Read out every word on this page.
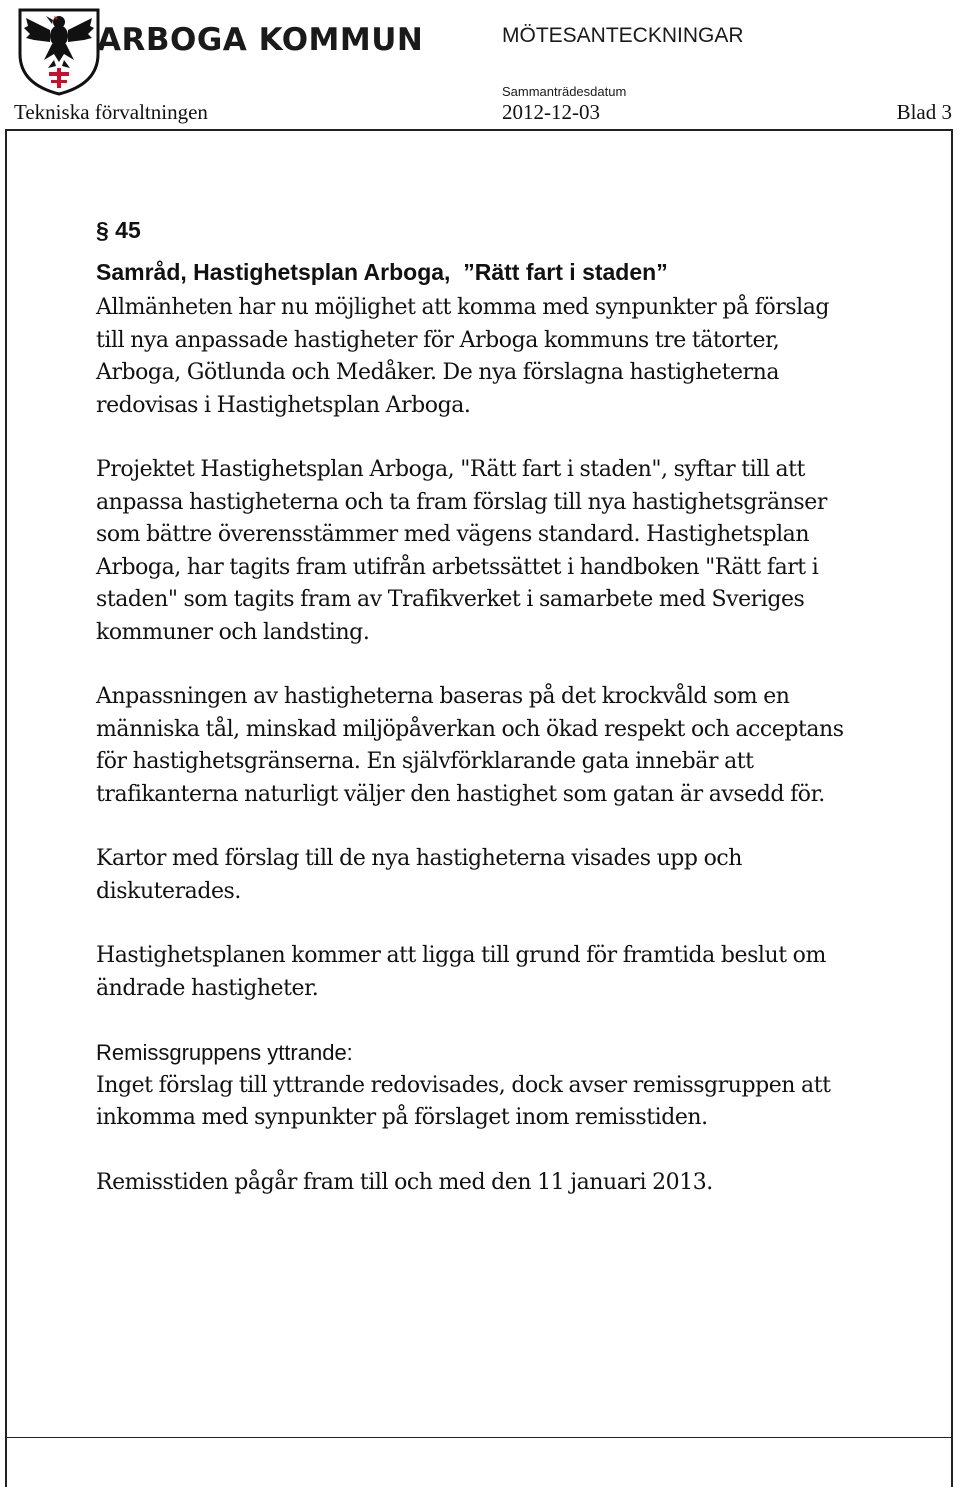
ARBOGA KOMMUN	MÖTESANTECKNINGAR
Sammanträdesdatum
Tekniska förvaltningen	2012-12-03	Blad 3
§ 45
Samråd, Hastighetsplan Arboga,  ”Rätt fart i staden”

Allmänheten har nu möjlighet att komma med synpunkter på förslag till nya anpassade hastigheter för Arboga kommuns tre tätorter, Arboga, Götlunda och Medåker. De nya förslagna hastigheterna redovisas i Hastighetsplan Arboga.

Projektet Hastighetsplan Arboga, "Rätt fart i staden", syftar till att anpassa hastigheterna och ta fram förslag till nya hastighetsgränser som bättre överensstämmer med vägens standard. Hastighetsplan Arboga, har tagits fram utifrån arbetssättet i handboken "Rätt fart i staden" som tagits fram av Trafikverket i samarbete med Sveriges kommuner och landsting.

Anpassningen av hastigheterna baseras på det krockvåld som en människa tål, minskad miljöpåverkan och ökad respekt och acceptans för hastighetsgränserna. En självförklarande gata innebär att trafikanterna naturligt väljer den hastighet som gatan är avsedd för.

Kartor med förslag till de nya hastigheterna visades upp och diskuterades.

Hastighetsplanen kommer att ligga till grund för framtida beslut om ändrade hastigheter.

Remissgruppens yttrande:

Inget förslag till yttrande redovisades, dock avser remissgruppen att inkomma med synpunkter på förslaget inom remisstiden.

Remisstiden pågår fram till och med den 11 januari 2013.
